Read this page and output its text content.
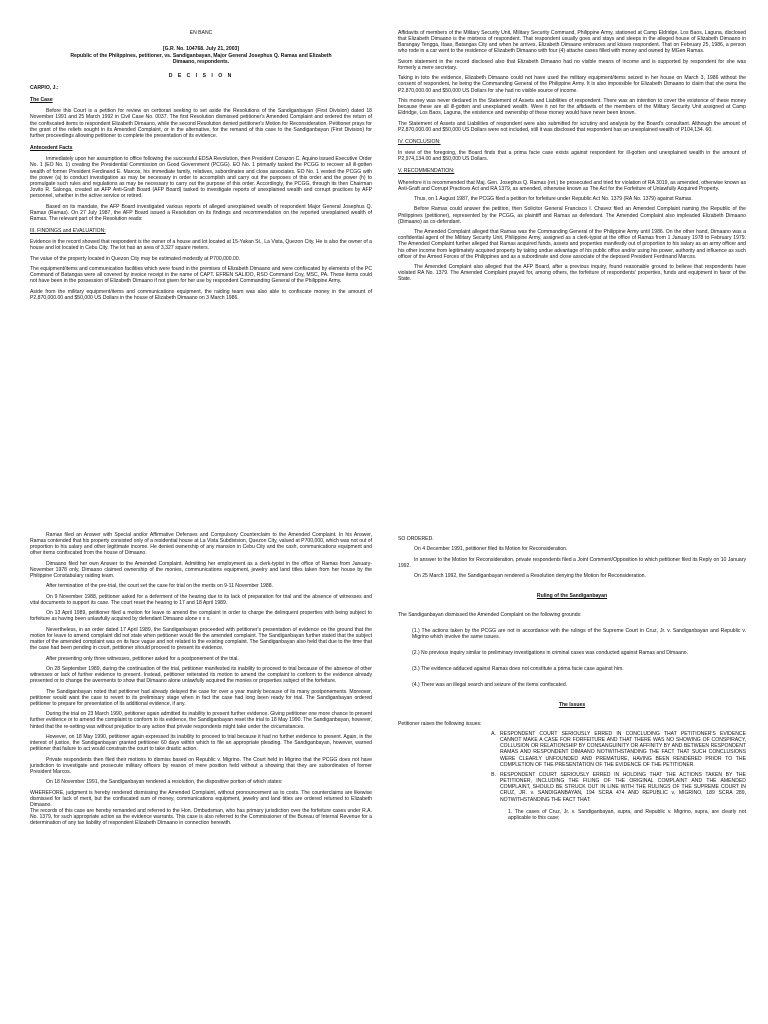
EN BANC

[G.R. No. 104768. July 21, 2003]

Republic of the Philippines, petitioner, vs. Sandiganbayan, Major General Josephus Q. Ramas and Elizabeth Dimaano, respondents.

D E C I S I O N

CARPIO, J.:

The Case

Before this Court is a petition for review on certiorari seeking to set aside the Resolutions of the Sandiganbayan (First Division) dated 18 November 1991 and 25 March 1992 in Civil Case No. 0037. The first Resolution dismissed petitioner's Amended Complaint and ordered the return of the confiscated items to respondent Elizabeth Dimaano, while the second Resolution denied petitioner's Motion for Reconsideration. Petitioner prays for the grant of the reliefs sought in its Amended Complaint, or in the alternative, for the remand of this case to the Sandiganbayan (First Division) for further proceedings allowing petitioner to complete the presentation of its evidence.

Antecedent Facts

Immediately upon her assumption to office following the successful EDSA Revolution, then President Corazon C. Aquino issued Executive Order No. 1 (EO No. 1) creating the Presidential Commission on Good Government (PCGG). EO No. 1 primarily tasked the PCGG to recover all ill-gotten wealth of former President Ferdinand E. Marcos, his immediate family, relatives, subordinates and close associates. EO No. 1 vested the PCGG with the power (a) to conduct investigation as may be necessary in order to accomplish and carry out the purposes of this order and the power (h) to promulgate such rules and regulations as may be necessary to carry out the purpose of this order. Accordingly, the PCGG, through its then Chairman Jovito R. Salonga, created an AFP Anti-Graft Board (AFP Board) tasked to investigate reports of unexplained wealth and corrupt practices by AFP personnel, whether in the active service or retired.

Based on its mandate, the AFP Board investigated various reports of alleged unexplained wealth of respondent Major General Josephus Q. Ramas (Ramas). On 27 July 1987, the AFP Board issued a Resolution on its findings and recommendation on the reported unexplained wealth of Ramas. The relevant part of the Resolution reads:

III. FINDINGS and EVALUATION:

Evidence in the record showed that respondent is the owner of a house and lot located at 15-Yakan St., La Vista, Quezon City. He is also the owner of a house and lot located in Cebu City. The lot has an area of 3,327 square meters.

The value of the property located in Quezon City may be estimated modestly at P700,000.00.

The equipment/items and communication facilities which were found in the premises of Elizabeth Dimaano and were confiscated by elements of the PC Command of Batangas were all covered by invoice receipt in the name of CAPT. EFREN SALIDO, RSO Command Coy, MSC, PA. These items could not have been in the possession of Elizabeth Dimaano if not given for her use by respondent Commanding General of the Philippine Army.

Aside from the military equipment/items and communications equipment, the raiding team was also able to confiscate money in the amount of P2,870,000.00 and $50,000 US Dollars in the house of Elizabeth Dimaano on 3 March 1986.

Affidavits of members of the Military Security Unit, Military Security Command, Philippine Army, stationed at Camp Eldridge, Los Baos, Laguna, disclosed that Elizabeth Dimaano is the mistress of respondent. That respondent usually goes and stays and sleeps in the alleged house of Elizabeth Dimaano in Barangay Tengga, Itaas, Batangas City and when he arrives, Elizabeth Dimaano embraces and kisses respondent. That on February 25, 1986, a person who rode in a car went to the residence of Elizabeth Dimaano with four (4) attache cases filled with money and owned by MGen Ramas.

Sworn statement in the record disclosed also that Elizabeth Dimaano had no visible means of income and is supported by respondent for she was formerly a mere secretary.

Taking in toto the evidence, Elizabeth Dimaano could not have used the military equipment/items seized in her house on March 3, 1986 without the consent of respondent, he being the Commanding General of the Philippine Army. It is also impossible for Elizabeth Dimaano to claim that she owns the P2,870,000.00 and $50,000 US Dollars for she had no visible source of income.

This money was never declared in the Statement of Assets and Liabilities of respondent. There was an intention to cover the existence of these money because these are all ill-gotten and unexplained wealth. Were it not for the affidavits of the members of the Military Security Unit assigned at Camp Eldridge, Los Baos, Laguna, the existence and ownership of these money would have never been known.

The Statement of Assets and Liabilities of respondent were also submitted for scrutiny and analysis by the Board's consultant. Although the amount of P2,870,000.00 and $50,000 US Dollars were not included, still it was disclosed that respondent has an unexplained wealth of P104,134. 60.

IV. CONCLUSION:

In view of the foregoing, the Board finds that a prima facie case exists against respondent for ill-gotten and unexplained wealth in the amount of P2,974,134.00 and $50,000 US Dollars.

V. RECOMMENDATION:

Wherefore it is recommended that Maj. Gen. Josephus Q. Ramas (ret.) be prosecuted and tried for violation of RA 3019, as amended, otherwise known as Anti-Graft and Corrupt Practices Act and RA 1379, as amended, otherwise known as The Act for the Forfeiture of Unlawfully Acquired Property.

Thus, on 1 August 1987, the PCGG filed a petition for forfeiture under Republic Act No. 1379 (RA No. 1379) against Ramas.

Before Ramas could answer the petition, then Solicitor General Francisco I. Chavez filed an Amended Complaint naming the Republic of the Philippines (petitioner), represented by the PCGG, as plaintiff and Ramas as defendant. The Amended Complaint also impleaded Elizabeth Dimaano (Dimaano) as co-defendant.

The Amended Complaint alleged that Ramas was the Commanding General of the Philippine Army until 1986. On the other hand, Dimaano was a confidential agent of the Military Security Unit, Philippine Army, assigned as a clerk-typist at the office of Ramas from 1 January 1978 to February 1979. The Amended Complaint further alleged that Ramas acquired funds, assets and properties manifestly out of proportion to his salary as an army officer and his other income from legitimately acquired property by taking undue advantage of his public office and/or using his power, authority and influence as such officer of the Armed Forces of the Philippines and as a subordinate and close associate of the deposed President Ferdinand Marcos.

The Amended Complaint also alleged that the AFP Board, after a previous inquiry, found reasonable ground to believe that respondents have violated RA No. 1379. The Amended Complaint prayed for, among others, the forfeiture of respondents' properties, funds and equipment in favor of the State.

Ramas filed an Answer with Special and/or Affirmative Defenses and Compulsory Counterclaim to the Amended Complaint. In his Answer, Ramas contended that his property consisted only of a residential house at La Vista Subdivision, Quezon City, valued at P700,000, which was not out of proportion to his salary and other legitimate income. He denied ownership of any mansion in Cebu City and the cash, communications equipment and other items confiscated from the house of Dimaano.

Dimaano filed her own Answer to the Amended Complaint. Admitting her employment as a clerk-typist in the office of Ramas from January-November 1978 only, Dimaano claimed ownership of the monies, communications equipment, jewelry and land titles taken from her house by the Philippine Constabulary raiding team.

After termination of the pre-trial, the court set the case for trial on the merits on 9-11 November 1988.

On 9 November 1988, petitioner asked for a deferment of the hearing due to its lack of preparation for trial and the absence of witnesses and vital documents to support its case. The court reset the hearing to 17 and 18 April 1989.

On 13 April 1989, petitioner filed a motion for leave to amend the complaint in order to charge the delinquent properties with being subject to forfeiture as having been unlawfully acquired by defendant Dimaano alone x x x.

Nevertheless, in an order dated 17 April 1989, the Sandiganbayan proceeded with petitioner's presentation of evidence on the ground that the motion for leave to amend complaint did not state when petitioner would file the amended complaint. The Sandiganbayan further stated that the subject matter of the amended complaint was on its face vague and not related to the existing complaint. The Sandiganbayan also held that due to the time that the case had been pending in court, petitioner should proceed to present its evidence.

After presenting only three witnesses, petitioner asked for a postponement of the trial.

On 28 September 1989, during the continuation of the trial, petitioner manifested its inability to proceed to trial because of the absence of other witnesses or lack of further evidence to present. Instead, petitioner reiterated its motion to amend the complaint to conform to the evidence already presented or to change the averments to show that Dimaano alone unlawfully acquired the monies or properties subject of the forfeiture.

The Sandiganbayan noted that petitioner had already delayed the case for over a year mainly because of its many postponements. Moreover, petitioner would want the case to revert to its preliminary stage when in fact the case had long been ready for trial. The Sandiganbayan ordered petitioner to prepare for presentation of its additional evidence, if any.

During the trial on 23 March 1990, petitioner again admitted its inability to present further evidence. Giving petitioner one more chance to present further evidence or to amend the complaint to conform to its evidence, the Sandiganbayan reset the trial to 18 May 1990. The Sandiganbayan, however, hinted that the re-setting was without prejudice to any action that private respondents might take under the circumstances.

However, on 18 May 1990, petitioner again expressed its inability to proceed to trial because it had no further evidence to present. Again, in the interest of justice, the Sandiganbayan granted petitioner 60 days within which to file an appropriate pleading. The Sandiganbayan, however, warned petitioner that failure to act would constrain the court to take drastic action.

Private respondents then filed their motions to dismiss based on Republic v. Migrino. The Court held in Migrino that the PCGG does not have jurisdiction to investigate and prosecute military officers by reason of mere position held without a showing that they are subordinates of former President Marcos.

On 18 November 1991, the Sandiganbayan rendered a resolution, the dispositive portion of which states:

WHEREFORE, judgment is hereby rendered dismissing the Amended Complaint, without pronouncement as to costs. The counterclaims are likewise dismissed for lack of merit, but the confiscated sum of money, communications equipment, jewelry and land titles are ordered returned to Elizabeth Dimaano.

The records of this case are hereby remanded and referred to the Hon. Ombudsman, who has primary jurisdiction over the forfeiture cases under R.A. No. 1379, for such appropriate action as the evidence warrants. This case is also referred to the Commissioner of the Bureau of Internal Revenue for a determination of any tax liability of respondent Elizabeth Dimaano in connection herewith.

SO ORDERED.

On 4 December 1991, petitioner filed its Motion for Reconsideration.

In answer to the Motion for Reconsideration, private respondents filed a Joint Comment/Opposition to which petitioner filed its Reply on 10 January 1992.

On 25 March 1992, the Sandiganbayan rendered a Resolution denying the Motion for Reconsideration.

Ruling of the Sandiganbayan

The Sandiganbayan dismissed the Amended Complaint on the following grounds:

(1.) The actions taken by the PCGG are not in accordance with the rulings of the Supreme Court in Cruz, Jr. v. Sandiganbayan and Republic v. Migrino which involve the same issues.

(2.) No previous inquiry similar to preliminary investigations in criminal cases was conducted against Ramas and Dimaano.

(3.) The evidence adduced against Ramas does not constitute a prima facie case against him.

(4.) There was an illegal search and seizure of the items confiscated.

The Issues

Petitioner raises the following issues:

A. RESPONDENT COURT SERIOUSLY ERRED IN CONCLUDING THAT PETITIONER'S EVIDENCE CANNOT MAKE A CASE FOR FORFEITURE AND THAT THERE WAS NO SHOWING OF CONSPIRACY, COLLUSION OR RELATIONSHIP BY CONSANGUINITY OR AFFINITY BY AND BETWEEN RESPONDENT RAMAS AND RESPONDENT DIMAANO NOTWITHSTANDING THE FACT THAT SUCH CONCLUSIONS WERE CLEARLY UNFOUNDED AND PREMATURE, HAVING BEEN RENDERED PRIOR TO THE COMPLETION OF THE PRESENTATION OF THE EVIDENCE OF THE PETITIONER.
B. RESPONDENT COURT SERIOUSLY ERRED IN HOLDING THAT THE ACTIONS TAKEN BY THE PETITIONER, INCLUDING THE FILING OF THE ORIGINAL COMPLAINT AND THE AMENDED COMPLAINT, SHOULD BE STRUCK OUT IN LINE WITH THE RULINGS OF THE SUPREME COURT IN CRUZ, JR. v. SANDIGANBAYAN, 194 SCRA 474 AND REPUBLIC v. MIGRINO, 189 SCRA 289, NOTWITHSTANDING THE FACT THAT:

1. The cases of Cruz, Jr. v. Sandiganbayan, supra, and Republic v. Migrino, supra, are clearly not applicable to this case;
